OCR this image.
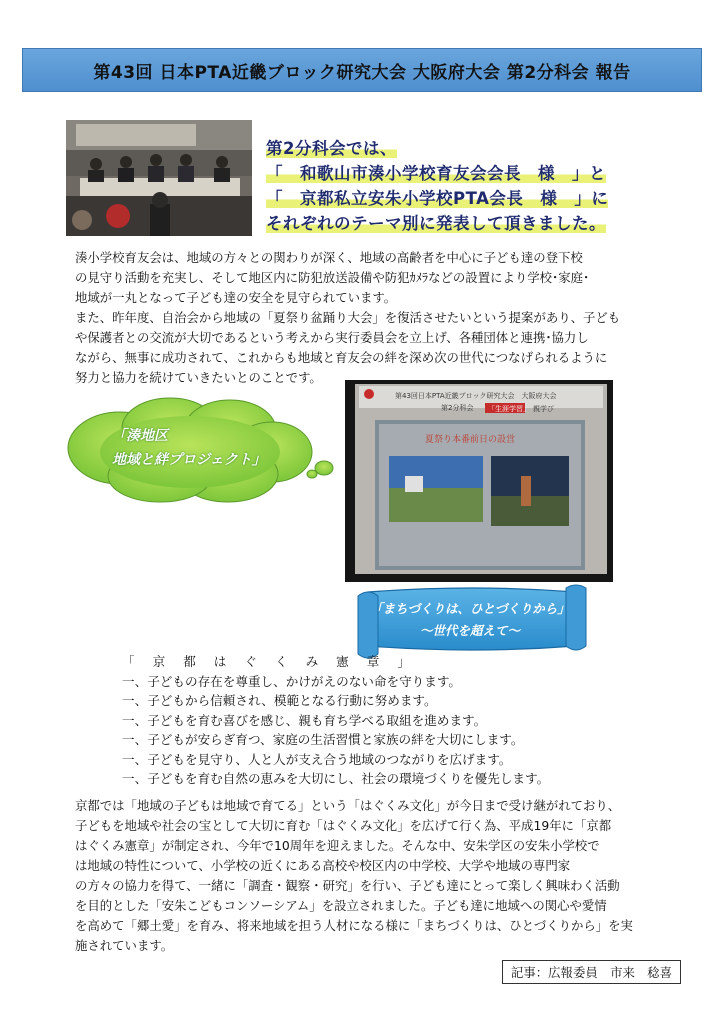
第43回 日本PTA近畿ブロック研究大会 大阪府大会 第2分科会 報告
第2分科会では、
「　和歌山市湊小学校育友会会長　様　」と
「　京都私立安朱小学校PTA会長　様　」に
それぞれのテーマ別に発表して頂きました。

湊小学校育友会は、地域の方々との関わりが深く、地域の高齢者を中心に子ども達の登下校

の見守り活動を充実し、そして地区内に防犯放送設備や防犯ｶﾒﾗなどの設置により学校･家庭･

地域が一丸となって子ども達の安全を見守られています。

また、昨年度、自治会から地域の「夏祭り盆踊り大会」を復活させたいという提案があり、子ども

や保護者との交流が大切であるという考えから実行委員会を立上げ、各種団体と連携･協力し

ながら、無事に成功されて、これからも地域と育友会の絆を深め次の世代につなげられるように

努力と協力を続けていきたいとのことです。

「湊地区
地域と絆プロジェクト」
第43回日本PTA近畿ブロック研究大会　大阪府大会
第2分科会 「生涯学習」 親学び
夏祭り本番前日の設営
「まちづくりは、ひとづくりから」
～世代を超えて～
「 京 都 は ぐ く み 憲 章 」
一、子どもの存在を尊重し、かけがえのない命を守ります。
一、子どもから信頼され、模範となる行動に努めます。
一、子どもを育む喜びを感じ、親も育ち学べる取組を進めます。
一、子どもが安らぎ育つ、家庭の生活習慣と家族の絆を大切にします。
一、子どもを見守り、人と人が支え合う地域のつながりを広げます。
一、子どもを育む自然の恵みを大切にし、社会の環境づくりを優先します。

京都では「地域の子どもは地域で育てる」という「はぐくみ文化」が今日まで受け継がれており、

子どもを地域や社会の宝として大切に育む「はぐくみ文化」を広げて行く為、平成19年に「京都

はぐくみ憲章」が制定され、今年で10周年を迎えました。そんな中、安朱学区の安朱小学校で

は地域の特性について、小学校の近くにある高校や校区内の中学校、大学や地域の専門家

の方々の協力を得て、一緒に「調査・観察・研究」を行い、子ども達にとって楽しく興味わく活動

を目的とした「安朱こどもコンソーシアム」を設立されました。子ども達に地域への関心や愛情

を高めて「郷土愛」を育み、将来地域を担う人材になる様に「まちづくりは、ひとづくりから」を実

施されています。

記事：広報委員　市来　稔喜
